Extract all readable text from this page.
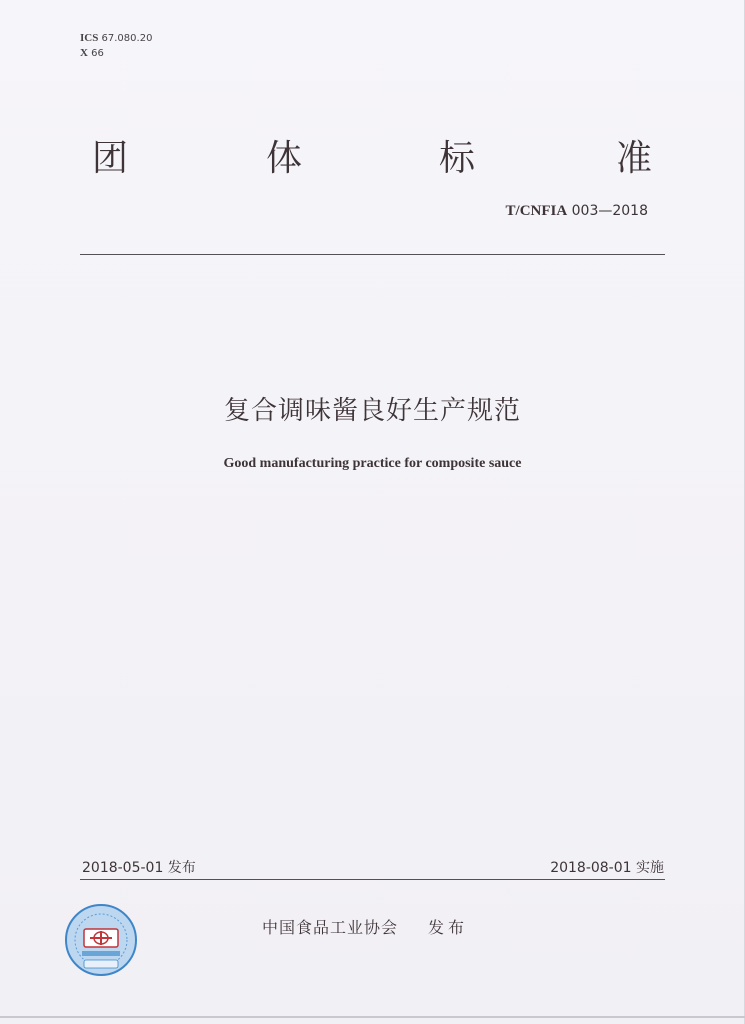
ICS 67.080.20
X 66
团	体	标	准
T/CNFIA 003—2018
复合调味酱良好生产规范
Good manufacturing practice for composite sauce
2018-05-01 发布	2018-08-01 实施
中国食品工业协会 发布
